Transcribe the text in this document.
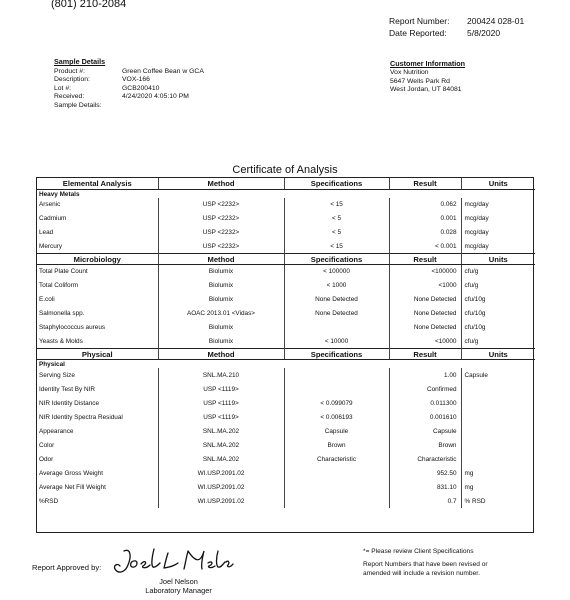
(801) 210-2084
Report Number:	200424 028-01
Date Reported:	5/8/2020
Sample Details
Product #:	Green Coffee Bean w GCA
Description:	VOX-166
Lot #:	GCB200410
Received:	4/24/2020 4:05:10 PM
Sample Details:
Customer Information
Vox Nutrition
5647 Wells Park Rd
West Jordan, UT 84081
Certificate of Analysis
Elemental Analysis	Method	Specifications	Result	Units
Heavy Metals				
Arsenic	USP <2232>	< 15	0.062	mcg/day
Cadmium	USP <2232>	< 5	0.001	mcg/day
Lead	USP <2232>	< 5	0.028	mcg/day
Mercury	USP <2232>	< 15	< 0.001	mcg/day
Microbiology	Method	Specifications	Result	Units
Total Plate Count	Biolumix	< 100000	<100000	cfu/g
Total Coliform	Biolumix	< 1000	<1000	cfu/g
E.coli	Biolumix	None Detected	None Detected	cfu/10g
Salmonella spp.	AOAC 2013.01 <Vidas>	None Detected	None Detected	cfu/10g
Staphylococcus aureus	Biolumix		None Detected	cfu/10g
Yeasts & Molds	Biolumix	< 10000	<10000	cfu/g
Physical	Method	Specifications	Result	Units
Physical				
Serving Size	SNL.MA.210		1.00	Capsule
Identity Test By NIR	USP <1119>		Confirmed	
NIR Identity Distance	USP <1119>	< 0.099079	0.011300	
NIR Identity Spectra Residual	USP <1119>	< 0.006193	0.001610	
Appearance	SNL.MA.202	Capsule	Capsule	
Color	SNL.MA.202	Brown	Brown	
Odor	SNL.MA.202	Characteristic	Characteristic	
Average Gross Weight	WI.USP.2091.02		952.50	mg
Average Net Fill Weight	WI.USP.2091.02		831.10	mg
%RSD	WI.USP.2091.02		0.7	% RSD
Report Approved by:
Joel Nelson
Laboratory Manager

*= Please review Client Specifications

Report Numbers that have been revised or amended will include a revision number.
